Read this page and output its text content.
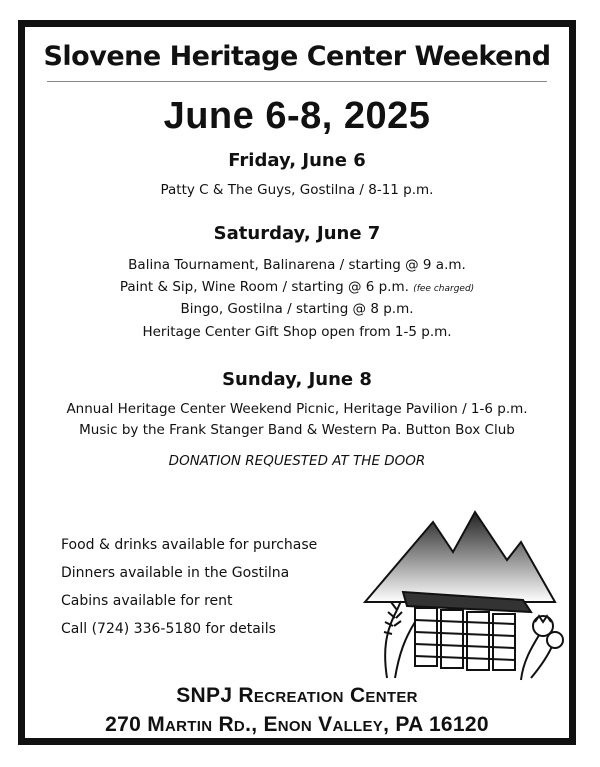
Slovene Heritage Center Weekend
June 6-8, 2025
Friday, June 6
Patty C & The Guys, Gostilna / 8-11 p.m.
Saturday, June 7
Balina Tournament, Balinarena / starting @ 9 a.m.
Paint & Sip, Wine Room / starting @ 6 p.m. (fee charged)
Bingo, Gostilna / starting @ 8 p.m.
Heritage Center Gift Shop open from 1-5 p.m.
Sunday, June 8
Annual Heritage Center Weekend Picnic, Heritage Pavilion / 1-6 p.m.
Music by the Frank Stanger Band & Western Pa. Button Box Club
DONATION REQUESTED AT THE DOOR
Food & drinks available for purchase
Dinners available in the Gostilna
Cabins available for rent
Call (724) 336-5180 for details
SNPJ Recreation Center
270 Martin Rd., Enon Valley, PA 16120
